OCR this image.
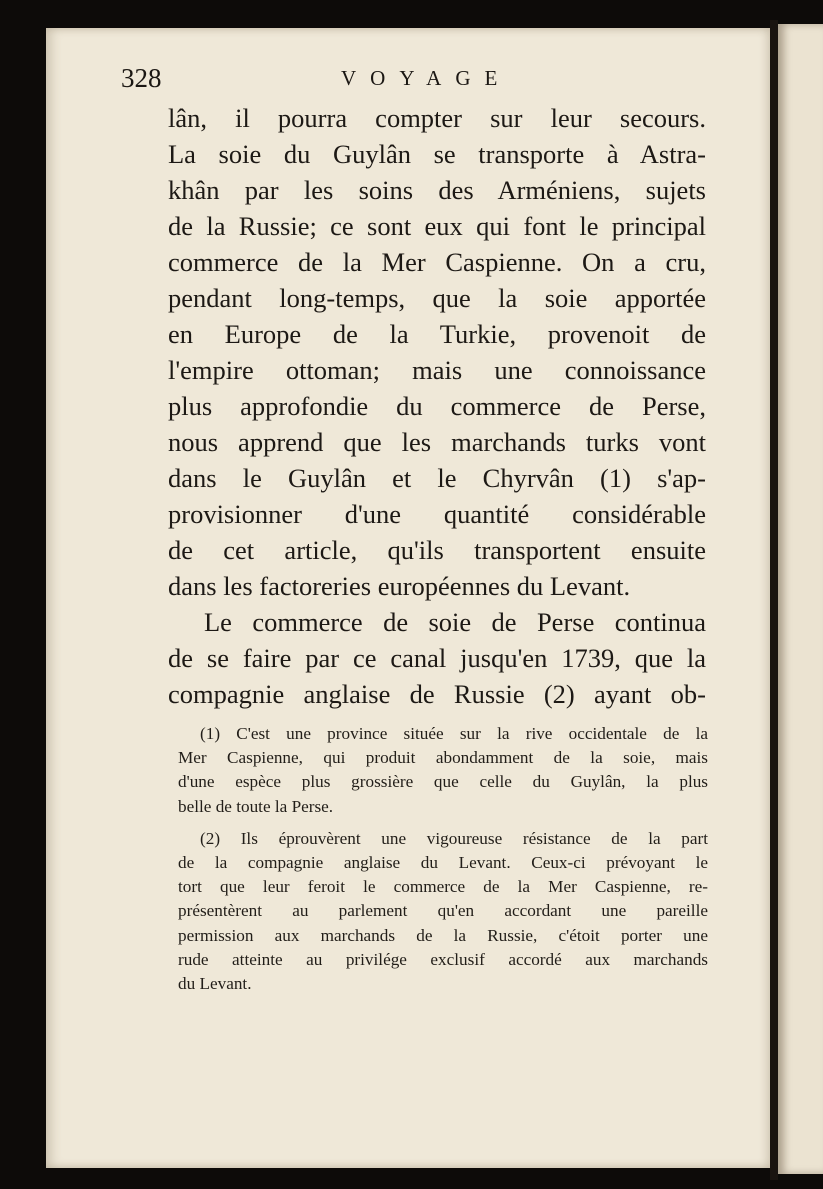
328	VOYAGE
lân, il pourra compter sur leur secours.
La soie du Guylân se transporte à Astra-
khân par les soins des Arméniens, sujets
de la Russie; ce sont eux qui font le principal
commerce de la Mer Caspienne. On a cru,
pendant long-temps, que la soie apportée
en Europe de la Turkie, provenoit de
l'empire ottoman; mais une connoissance
plus approfondie du commerce de Perse,
nous apprend que les marchands turks vont
dans le Guylân et le Chyrvân (1) s'ap-
provisionner d'une quantité considérable
de cet article, qu'ils transportent ensuite
dans les factoreries européennes du Levant.
Le commerce de soie de Perse continua
de se faire par ce canal jusqu'en 1739, que la
compagnie anglaise de Russie (2) ayant ob-
(1) C'est une province située sur la rive occidentale de la
Mer Caspienne, qui produit abondamment de la soie, mais
d'une espèce plus grossière que celle du Guylân, la plus
belle de toute la Perse.
(2) Ils éprouvèrent une vigoureuse résistance de la part
de la compagnie anglaise du Levant. Ceux-ci prévoyant le
tort que leur feroit le commerce de la Mer Caspienne, re-
présentèrent au parlement qu'en accordant une pareille
permission aux marchands de la Russie, c'étoit porter une
rude atteinte au privilége exclusif accordé aux marchands
du Levant.
